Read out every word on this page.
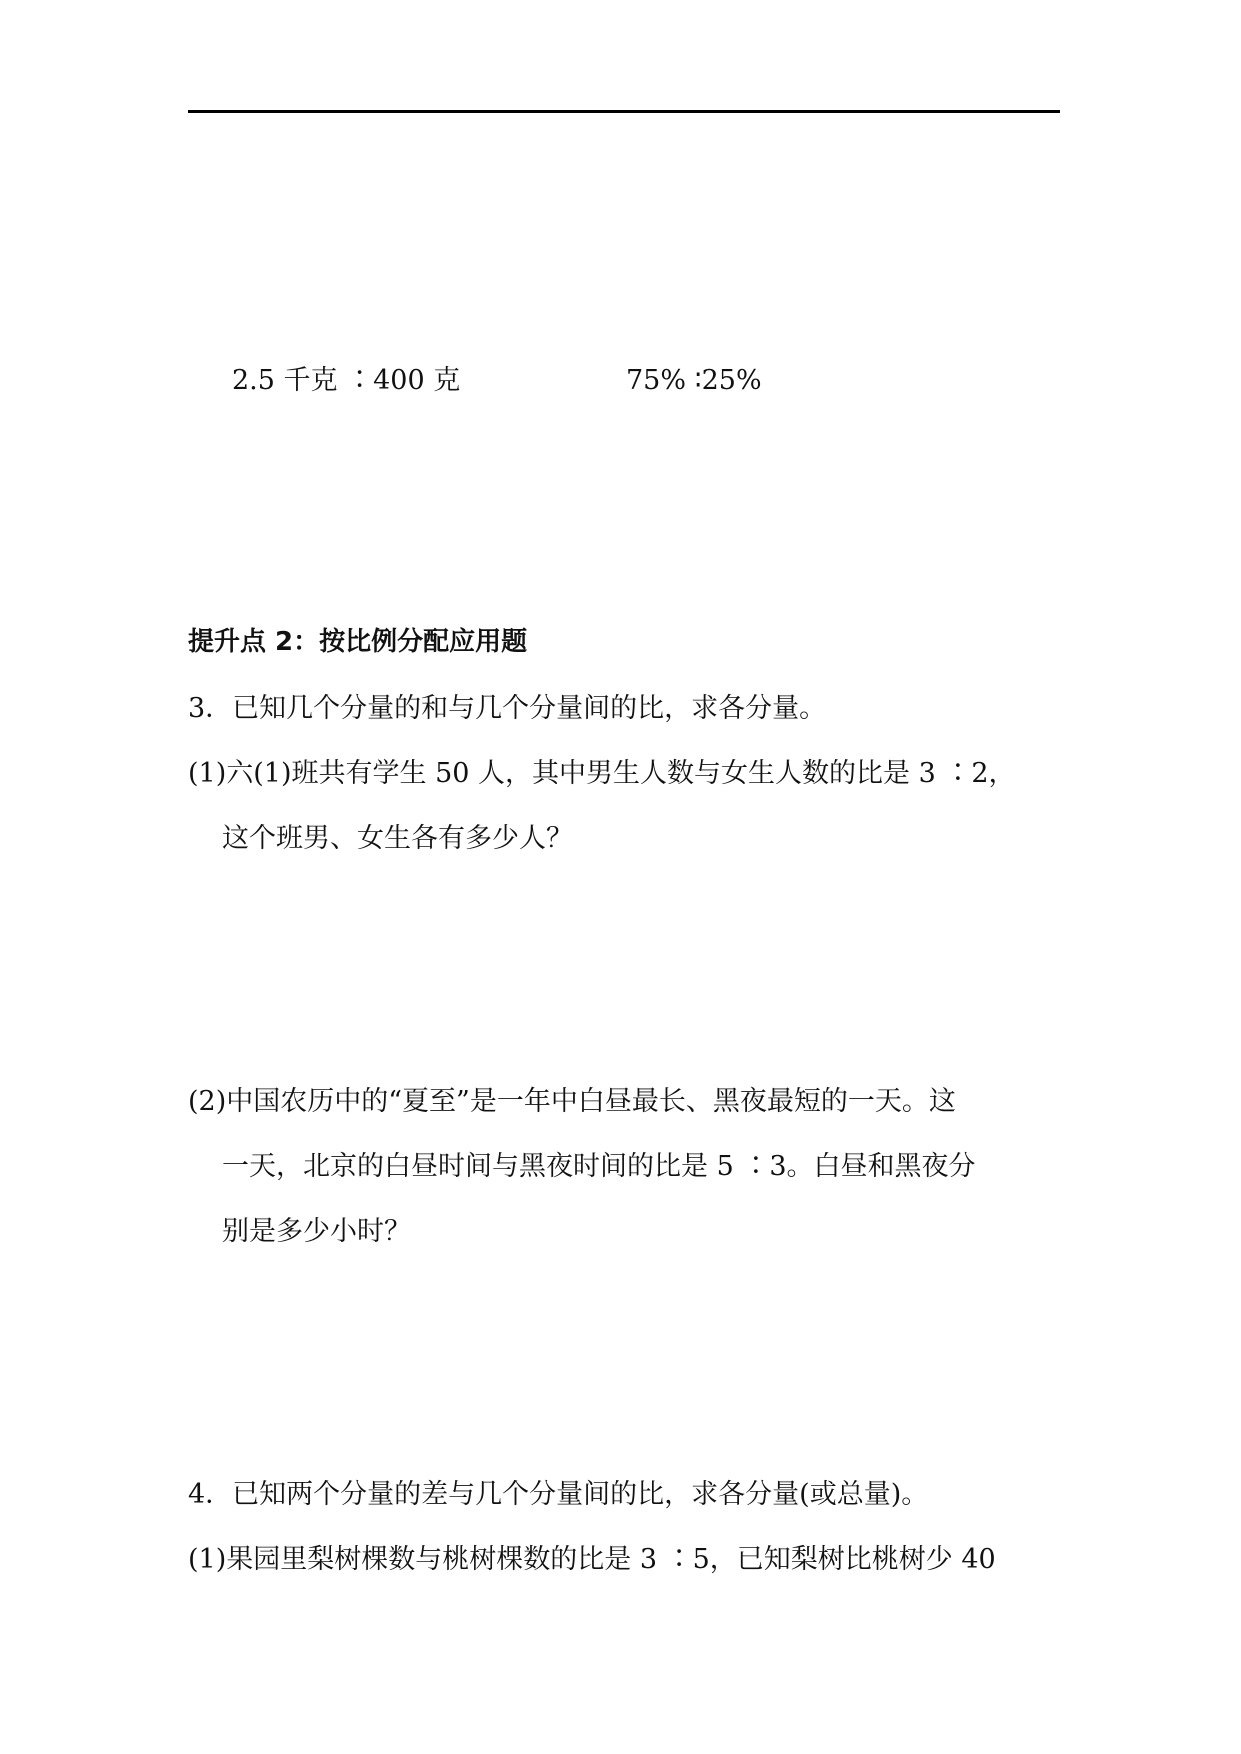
2.5 千克 ∶400 克	75% ∶25%
提升点 2：按比例分配应用题
3．已知几个分量的和与几个分量间的比，求各分量。
(1)六(1)班共有学生 50 人，其中男生人数与女生人数的比是 3 ∶2，
这个班男、女生各有多少人？
(2)中国农历中的“夏至”是一年中白昼最长、黑夜最短的一天。这
一天，北京的白昼时间与黑夜时间的比是 5 ∶3。白昼和黑夜分
别是多少小时？
4．已知两个分量的差与几个分量间的比，求各分量(或总量)。
(1)果园里梨树棵数与桃树棵数的比是 3 ∶5，已知梨树比桃树少 40
